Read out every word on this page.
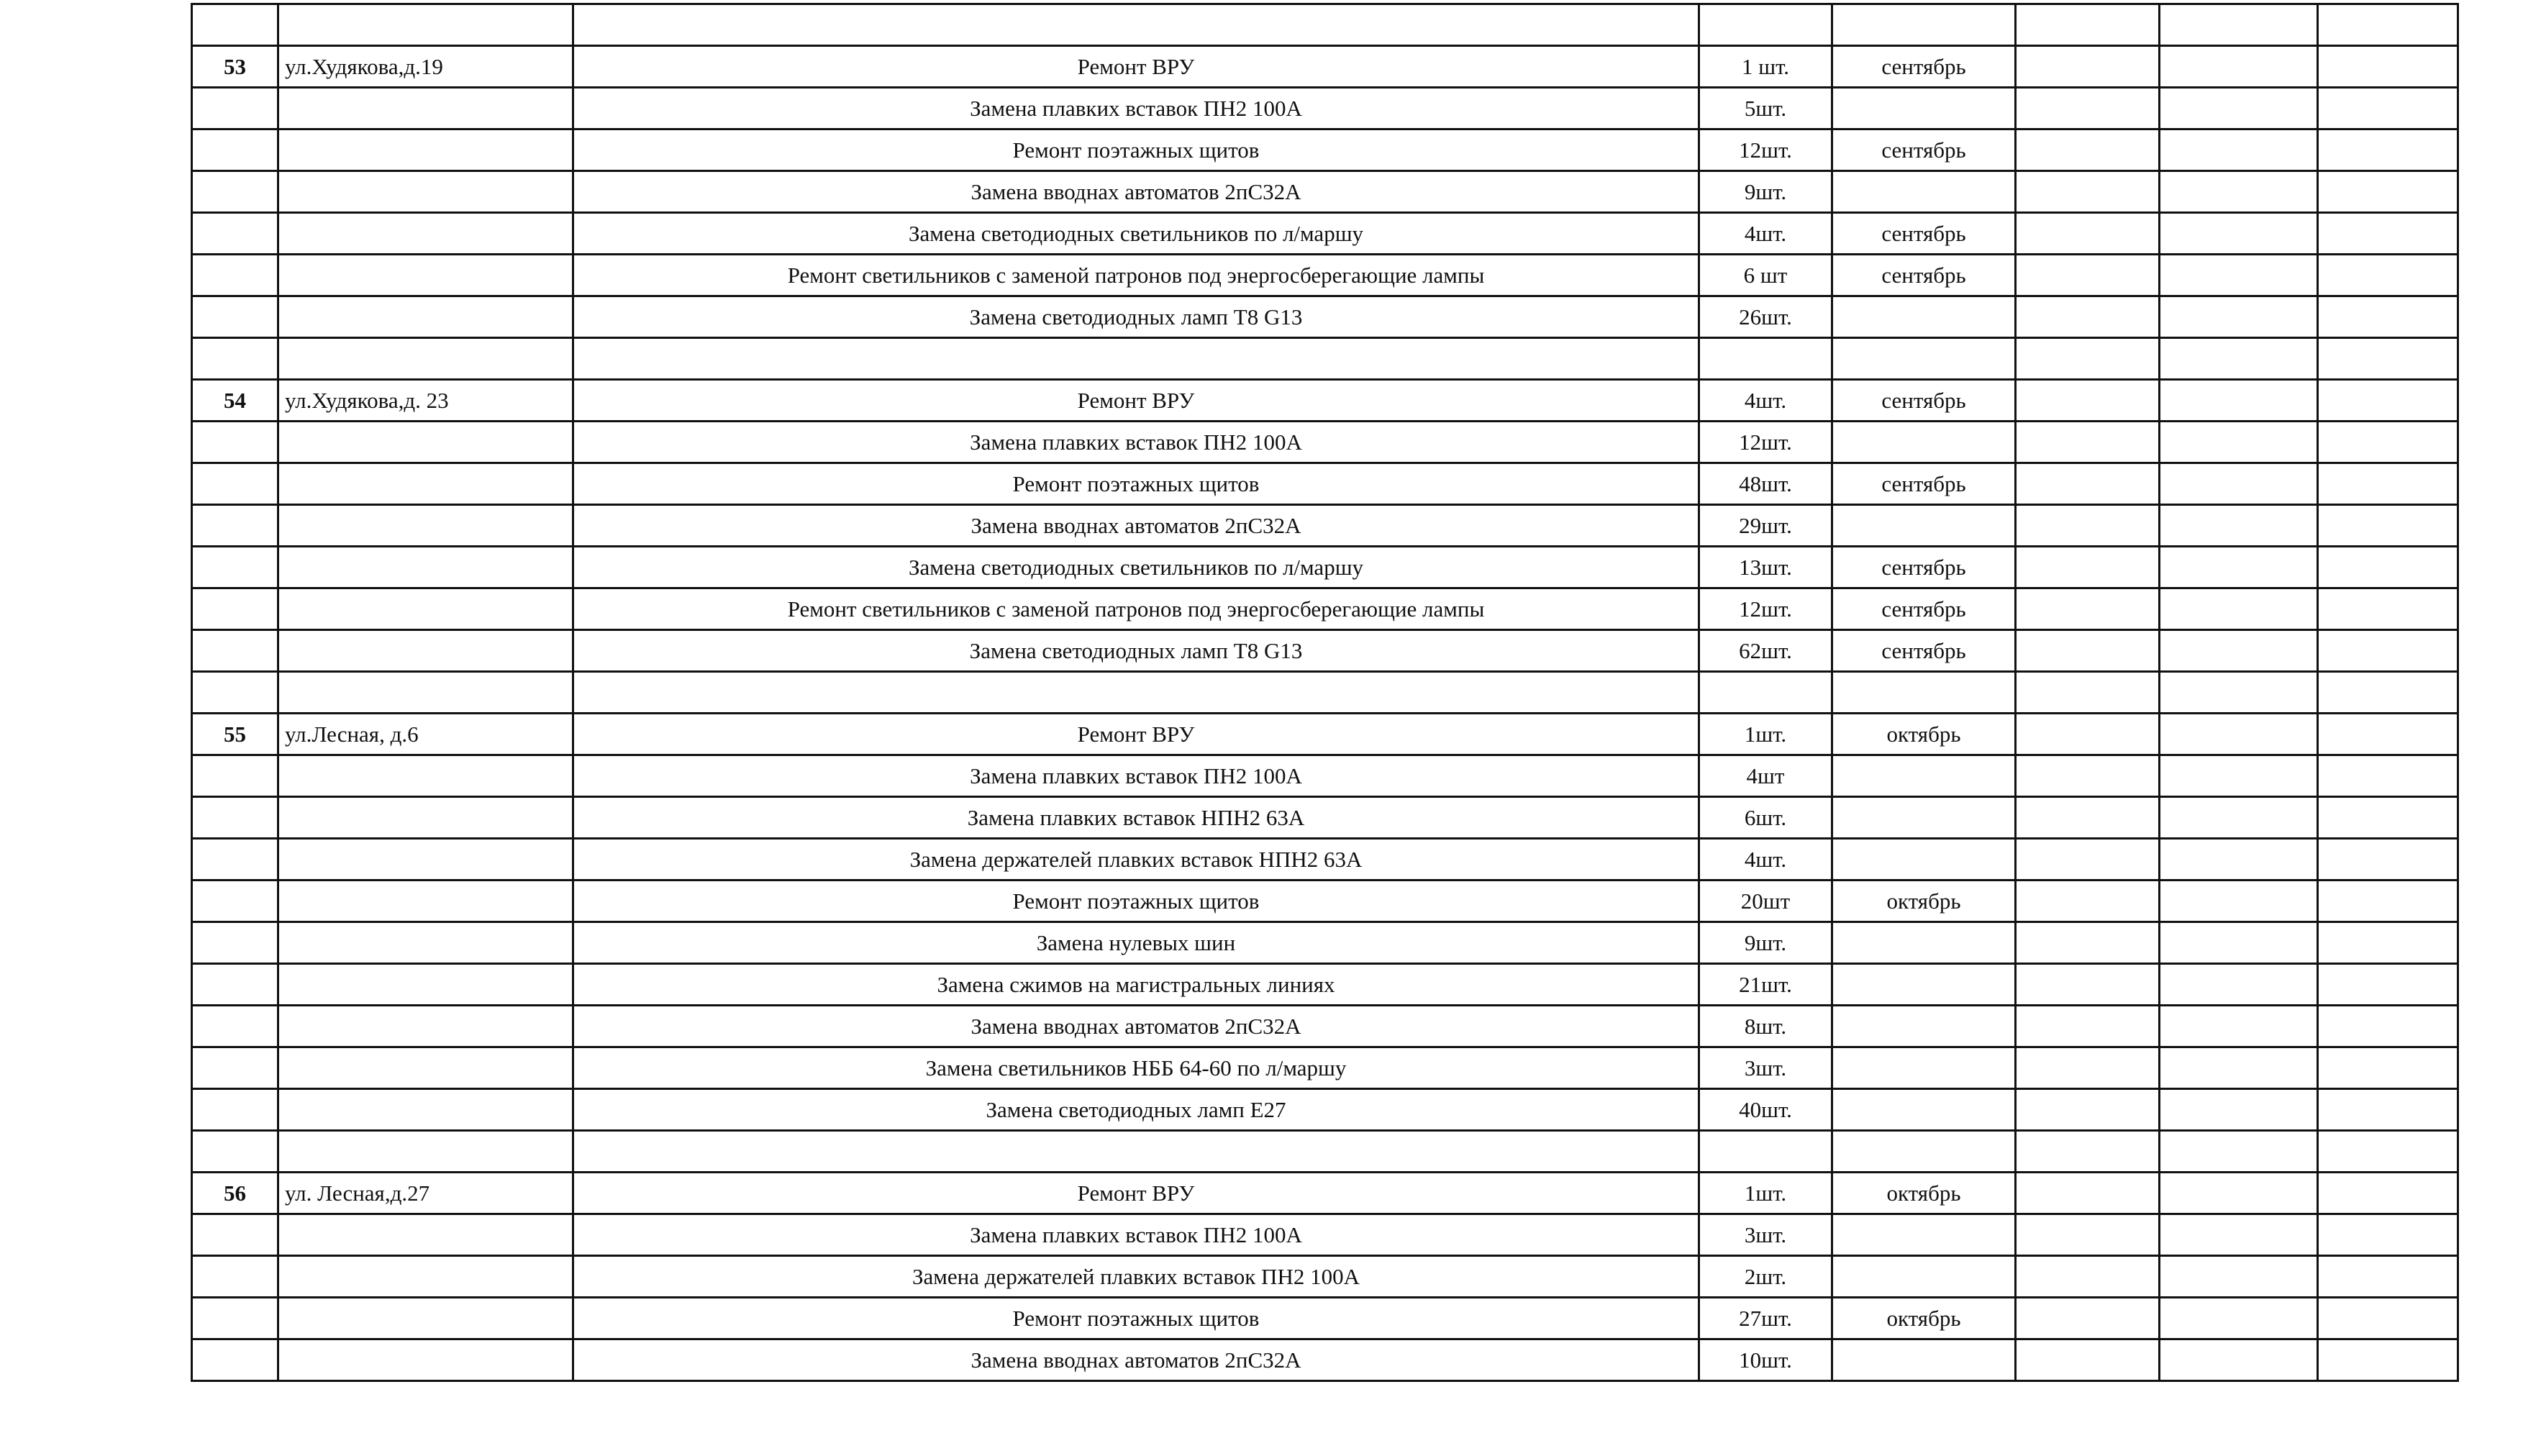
53	ул.Худякова,д.19	Ремонт ВРУ	1 шт.	сентябрь			
		Замена плавких вставок ПН2 100А	5шт.				
		Ремонт поэтажных щитов	12шт.	сентябрь			
		Замена вводнах автоматов 2пС32А	9шт.				
		Замена светодиодных светильников по л/маршу	4шт.	сентябрь			
		Ремонт светильников с заменой патронов под энергосберегающие лампы	6 шт	сентябрь			
		Замена светодиодных ламп Т8 G13	26шт.				

54	ул.Худякова,д. 23	Ремонт ВРУ	4шт.	сентябрь			
		Замена плавких вставок ПН2 100А	12шт.				
		Ремонт поэтажных щитов	48шт.	сентябрь			
		Замена вводнах автоматов 2пС32А	29шт.				
		Замена светодиодных светильников по л/маршу	13шт.	сентябрь			
		Ремонт светильников с заменой патронов под энергосберегающие лампы	12шт.	сентябрь			
		Замена светодиодных ламп Т8 G13	62шт.	сентябрь			

55	ул.Лесная, д.6	Ремонт ВРУ	1шт.	октябрь			
		Замена плавких вставок ПН2 100А	4шт				
		Замена плавких вставок НПН2 63А	6шт.				
		Замена держателей плавких вставок НПН2 63А	4шт.				
		Ремонт поэтажных щитов	20шт	октябрь			
		Замена нулевых шин	9шт.				
		Замена сжимов на магистральных линиях	21шт.				
		Замена вводнах автоматов 2пС32А	8шт.				
		Замена светильников НББ 64-60 по л/маршу	3шт.				
		Замена светодиодных ламп Е27	40шт.				

56	ул. Лесная,д.27	Ремонт ВРУ	1шт.	октябрь			
		Замена плавких вставок ПН2 100А	3шт.				
		Замена держателей плавких вставок ПН2 100А	2шт.				
		Ремонт поэтажных щитов	27шт.	октябрь			
		Замена вводнах автоматов 2пС32А	10шт.				
